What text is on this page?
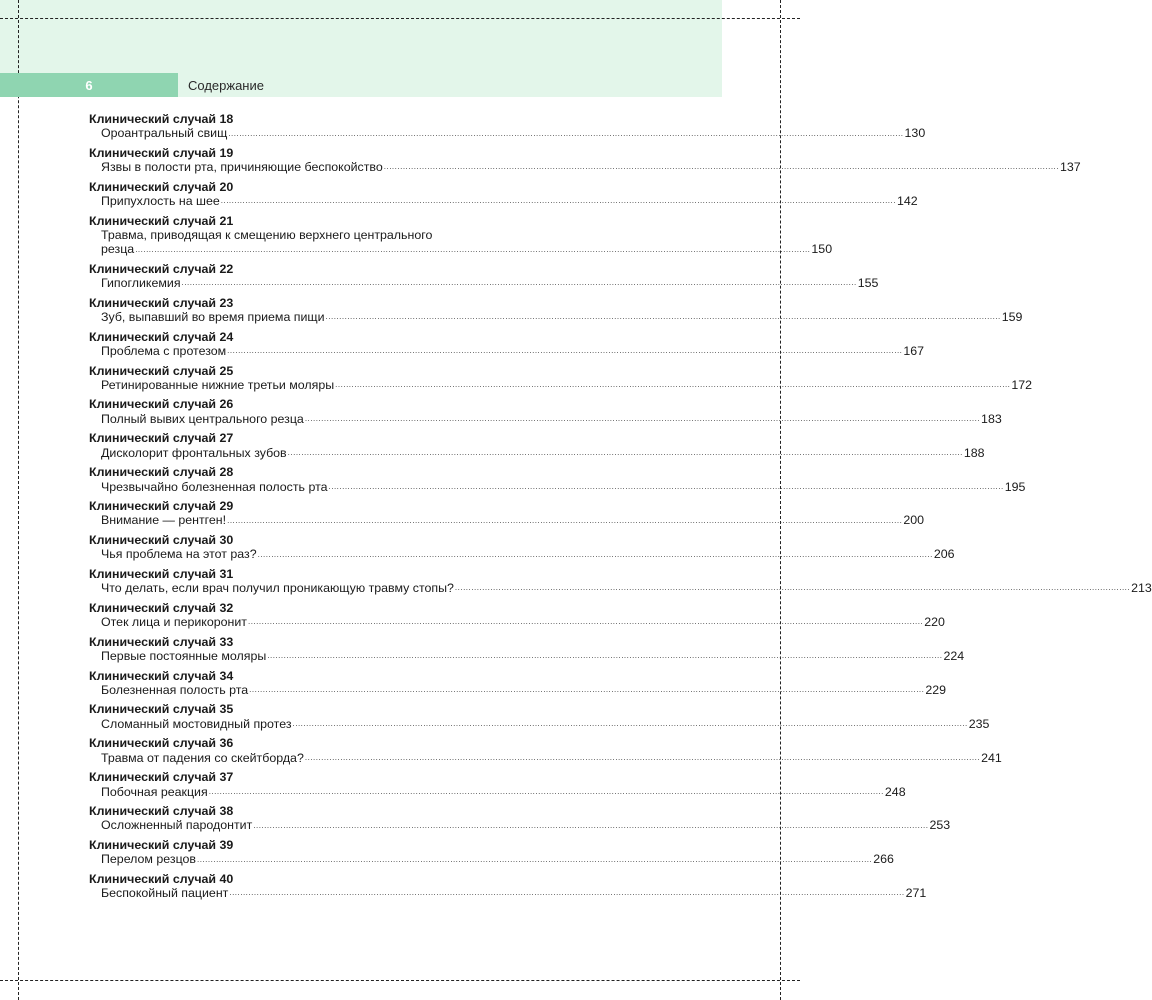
6	Содержание
Клинический случай 18
Ороантральный свищ ........................................................................................................................................................................................................................................................ 130
Клинический случай 19
Язвы в полости рта, причиняющие беспокойство ........................................................................................................................................................................................................................................................ 137
Клинический случай 20
Припухлость на шее ........................................................................................................................................................................................................................................................ 142
Клинический случай 21
Травма, приводящая к смещению верхнего центрального
резца ........................................................................................................................................................................................................................................................ 150
Клинический случай 22
Гипогликемия ........................................................................................................................................................................................................................................................ 155
Клинический случай 23
Зуб, выпавший во время приема пищи ........................................................................................................................................................................................................................................................ 159
Клинический случай 24
Проблема с протезом ........................................................................................................................................................................................................................................................ 167
Клинический случай 25
Ретинированные нижние третьи моляры ........................................................................................................................................................................................................................................................ 172
Клинический случай 26
Полный вывих центрального резца ........................................................................................................................................................................................................................................................ 183
Клинический случай 27
Дисколорит фронтальных зубов ........................................................................................................................................................................................................................................................ 188
Клинический случай 28
Чрезвычайно болезненная полость рта ........................................................................................................................................................................................................................................................ 195
Клинический случай 29
Внимание — рентген! ........................................................................................................................................................................................................................................................ 200
Клинический случай 30
Чья проблема на этот раз? ........................................................................................................................................................................................................................................................ 206
Клинический случай 31
Что делать, если врач получил проникающую травму стопы? ........................................................................................................................................................................................................................................................ 213
Клинический случай 32
Отек лица и перикоронит ........................................................................................................................................................................................................................................................ 220
Клинический случай 33
Первые постоянные моляры ........................................................................................................................................................................................................................................................ 224
Клинический случай 34
Болезненная полость рта ........................................................................................................................................................................................................................................................ 229
Клинический случай 35
Сломанный мостовидный протез ........................................................................................................................................................................................................................................................ 235
Клинический случай 36
Травма от падения со скейтборда? ........................................................................................................................................................................................................................................................ 241
Клинический случай 37
Побочная реакция ........................................................................................................................................................................................................................................................ 248
Клинический случай 38
Осложненный пародонтит ........................................................................................................................................................................................................................................................ 253
Клинический случай 39
Перелом резцов ........................................................................................................................................................................................................................................................ 266
Клинический случай 40
Беспокойный пациент ........................................................................................................................................................................................................................................................ 271
